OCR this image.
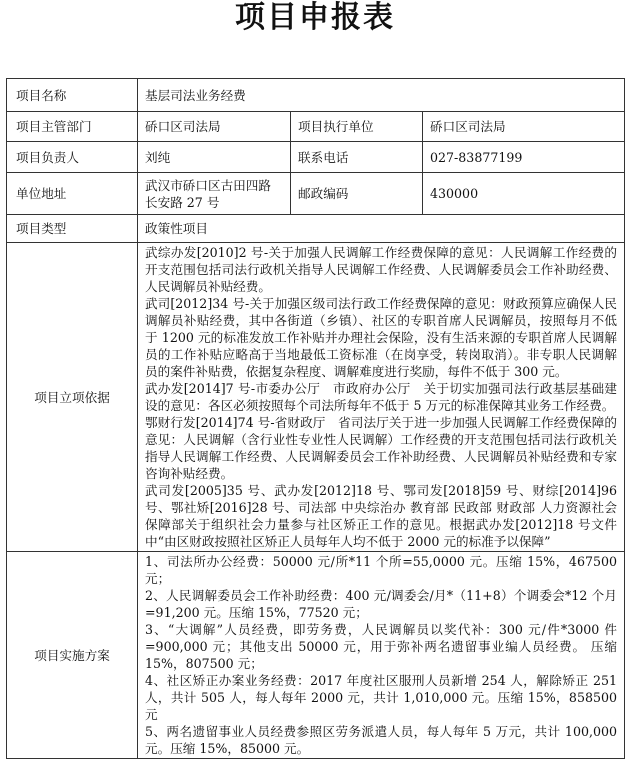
项目申报表
项目名称	基层司法业务经费		
项目主管部门	硚口区司法局	项目执行单位	硚口区司法局
项目负责人	刘纯	联系电话	027-83877199
单位地址	武汉市硚口区古田四路长安路 27 号	邮政编码	430000
项目类型	政策性项目		
项目立项依据	武综办发[2010]2 号-关于加强人民调解工作经费保障的意见：人民调解工作经费的开支范围包括司法行政机关指导人民调解工作经费、人民调解委员会工作补助经费、人民调解员补贴经费。

武司[2012]34 号-关于加强区级司法行政工作经费保障的意见：财政预算应确保人民调解员补贴经费，其中各街道（乡镇）、社区的专职首席人民调解员，按照每月不低于 1200 元的标准发放工作补贴并办理社会保险，没有生活来源的专职首席人民调解员的工作补贴应略高于当地最低工资标准（在岗享受，转岗取消）。非专职人民调解员的案件补贴费，依据复杂程度、调解难度进行奖励，每件不低于 300 元。

武办发[2014]7 号-市委办公厅　市政府办公厅　关于切实加强司法行政基层基础建设的意见：各区必须按照每个司法所每年不低于 5 万元的标准保障其业务工作经费。

鄂财行发[2014]74 号-省财政厅　省司法厅关于进一步加强人民调解工作经费保障的意见：人民调解（含行业性专业性人民调解）工作经费的开支范围包括司法行政机关指导人民调解工作经费、人民调解委员会工作补助经费、人民调解员补贴经费和专家咨询补贴经费。

武司发[2005]35 号、武办发[2012]18 号、鄂司发[2018]59 号、财综[2014]96 号、鄂社矫[2016]28 号、司法部 中央综治办 教育部 民政部 财政部 人力资源社会保障部关于组织社会力量参与社区矫正工作的意见。根据武办发[2012]18 号文件中“由区财政按照社区矫正人员每年人均不低于 2000 元的标准予以保障”		

项目实施方案	1、司法所办公经费：50000 元/所*11 个所=55,0000 元。压缩 15%，467500 元；

2、人民调解委员会工作补助经费：400 元/调委会/月*（11+8）个调委会*12 个月=91,200 元。压缩 15%，77520 元；

3、“大调解”人员经费，即劳务费，人民调解员以奖代补：300 元/件*3000 件=900,000 元；其他支出 50000 元，用于弥补两名遗留事业编人员经费。 压缩 15%，807500 元；

4、社区矫正办案业务经费：2017 年度社区服刑人员新增 254 人，解除矫正 251 人，共计 505 人，每人每年 2000 元，共计 1,010,000 元。压缩 15%，858500 元

5、两名遗留事业人员经费参照区劳务派遣人员，每人每年 5 万元，共计 100,000 元。压缩 15%，85000 元。		
